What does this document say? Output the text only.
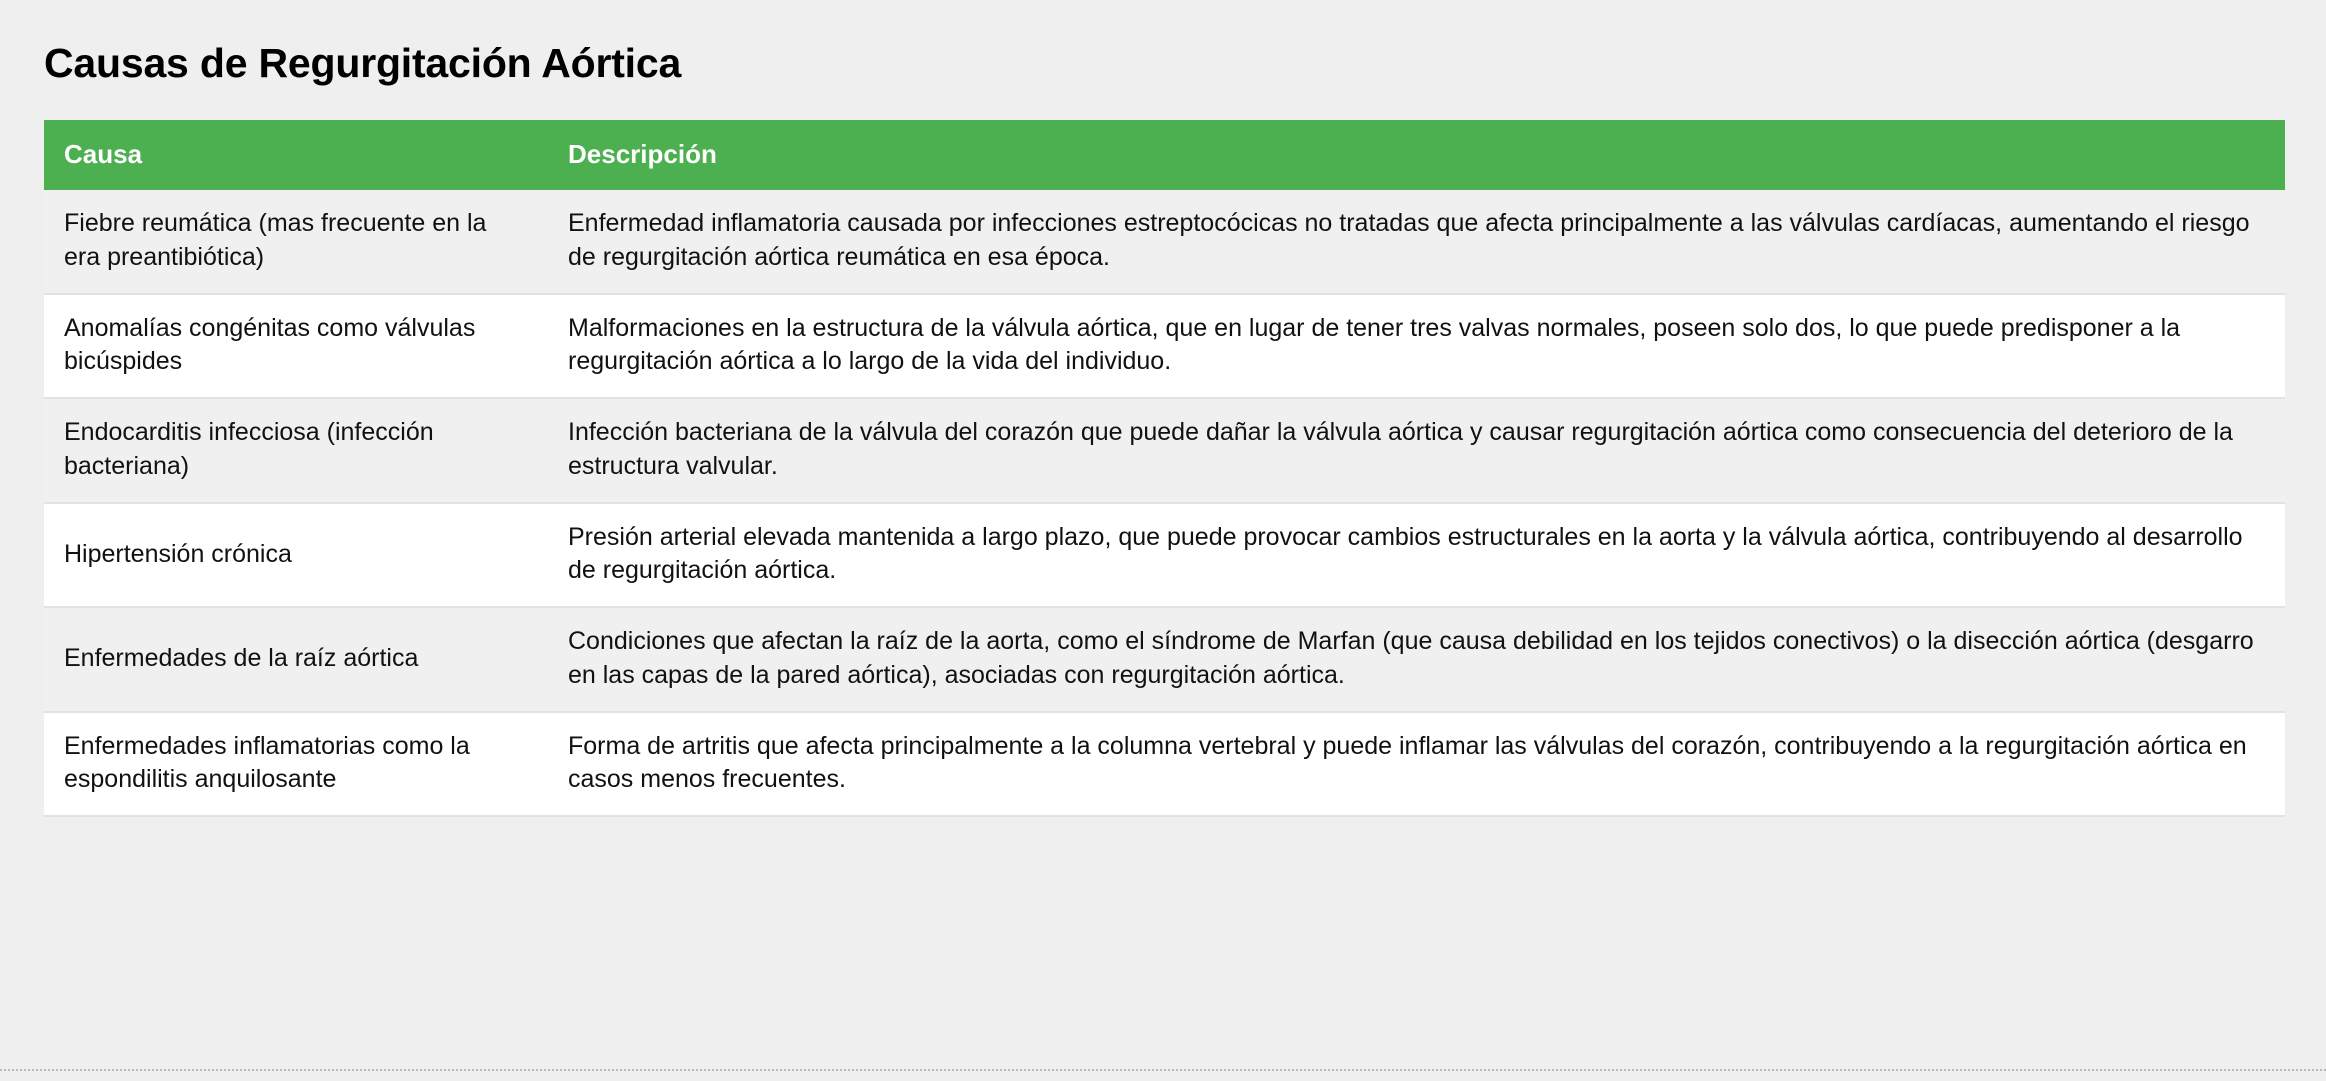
Causas de Regurgitación Aórtica
Causa	Descripción
Fiebre reumática (mas frecuente en la era preantibiótica)	Enfermedad inflamatoria causada por infecciones estreptocócicas no tratadas que afecta principalmente a las válvulas cardíacas, aumentando el riesgo de regurgitación aórtica reumática en esa época.
Anomalías congénitas como válvulas bicúspides	Malformaciones en la estructura de la válvula aórtica, que en lugar de tener tres valvas normales, poseen solo dos, lo que puede predisponer a la regurgitación aórtica a lo largo de la vida del individuo.
Endocarditis infecciosa (infección bacteriana)	Infección bacteriana de la válvula del corazón que puede dañar la válvula aórtica y causar regurgitación aórtica como consecuencia del deterioro de la estructura valvular.
Hipertensión crónica	Presión arterial elevada mantenida a largo plazo, que puede provocar cambios estructurales en la aorta y la válvula aórtica, contribuyendo al desarrollo de regurgitación aórtica.
Enfermedades de la raíz aórtica	Condiciones que afectan la raíz de la aorta, como el síndrome de Marfan (que causa debilidad en los tejidos conectivos) o la disección aórtica (desgarro en las capas de la pared aórtica), asociadas con regurgitación aórtica.
Enfermedades inflamatorias como la espondilitis anquilosante	Forma de artritis que afecta principalmente a la columna vertebral y puede inflamar las válvulas del corazón, contribuyendo a la regurgitación aórtica en casos menos frecuentes.
